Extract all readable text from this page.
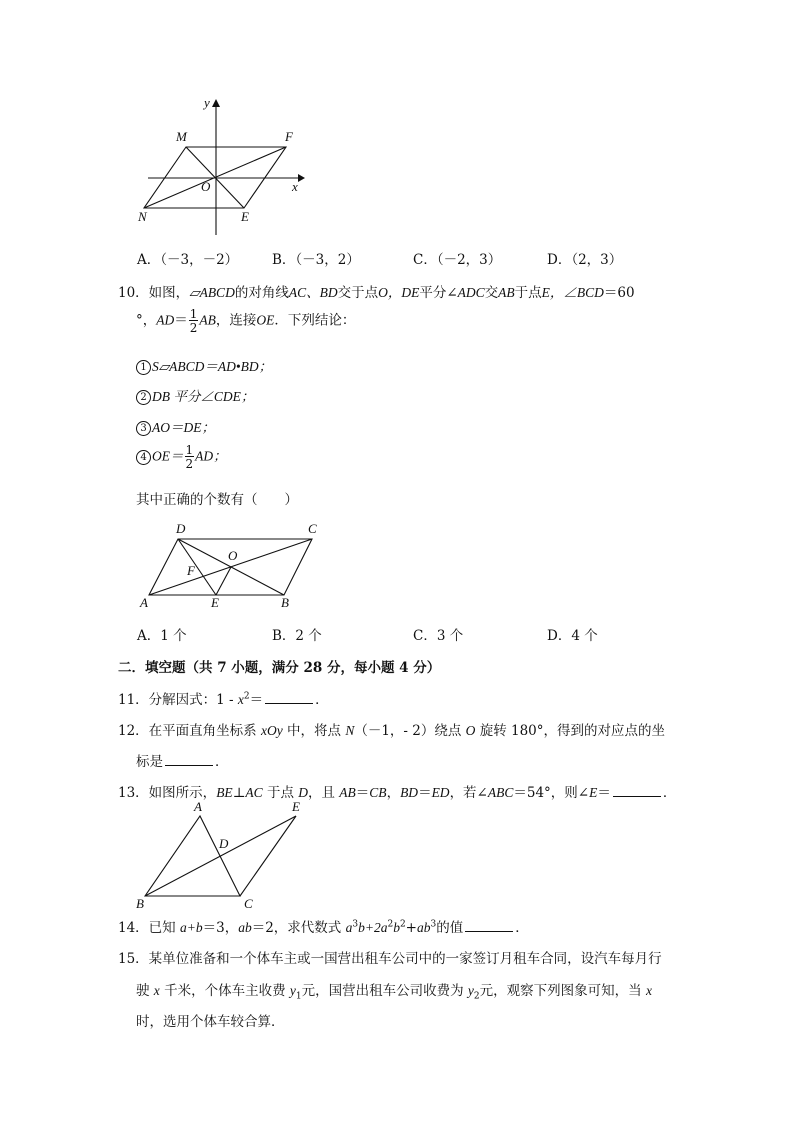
y
M	F
O	x
N	E
A．（－3，－2）	B．（－3，2）	C．（－2，3）	D．（2，3）
10．如图，▱ABCD的对角线AC、BD交于点O，DE平分∠ADC交AB于点E，∠BCD＝60
°，$AD= \frac{1}{2}$ AB，连接OE．下列结论：
1 S▱ABCD＝AD•BD；
2 DB 平分∠CDE；
3 AO＝DE；
4 $OE= \frac{1}{2}$ AD；
其中正确的个数有（　　）
D	C
O
F
A	E	B
A．1 个	B．2 个	C．3 个	D．4 个
二．填空题（共 7 小题，满分 28 分，每小题 4 分）
11．分解因式：$1 - x^2=$	．
12．在平面直角坐标系 xOy 中，将点 N（－1，- 2）绕点 O 旋转 180°，得到的对应点的坐
标是	．
13．如图所示，BE⊥AC 于点 D，且 AB＝CB，BD＝ED，若∠ABC＝54°，则∠E＝	．
A	E
D
B	C
14．已知 a+b＝3，ab＝2，求代数式 $a^3b+2a^2b^2+ab^3$的值	．
15．某单位准备和一个体车主或一国营出租车公司中的一家签订月租车合同，设汽车每月行
驶 x 千米，个体车主收费 $y_1$元，国营出租车公司收费为 $y_2$元，观察下列图象可知，当 x
时，选用个体车较合算．
